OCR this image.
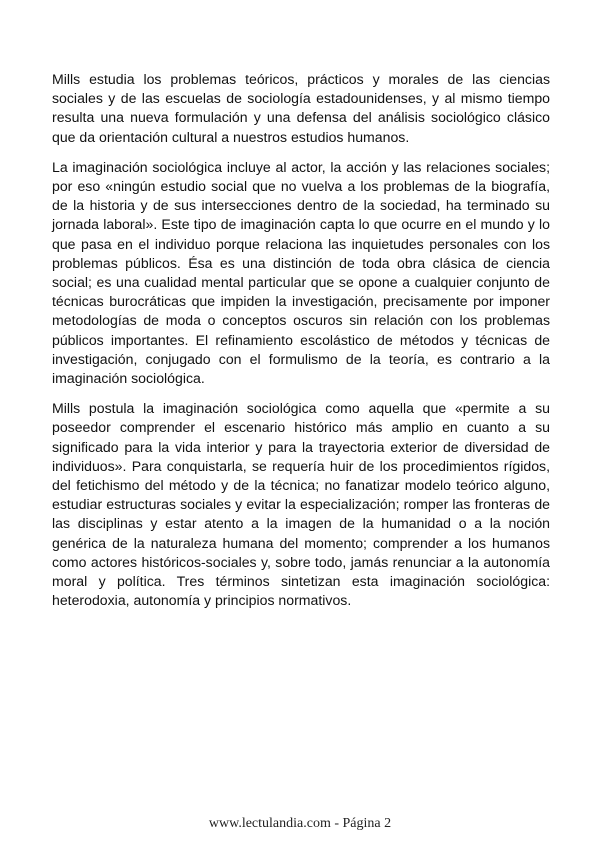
Mills estudia los problemas teóricos, prácticos y morales de las ciencias sociales y de las escuelas de sociología estadounidenses, y al mismo tiempo resulta una nueva formulación y una defensa del análisis sociológico clásico que da orientación cultural a nuestros estudios humanos.

La imaginación sociológica incluye al actor, la acción y las relaciones sociales; por eso «ningún estudio social que no vuelva a los problemas de la biografía, de la historia y de sus intersecciones dentro de la sociedad, ha terminado su jornada laboral». Este tipo de imaginación capta lo que ocurre en el mundo y lo que pasa en el individuo porque relaciona las inquietudes personales con los problemas públicos. Ésa es una distinción de toda obra clásica de ciencia social; es una cualidad mental particular que se opone a cualquier conjunto de técnicas burocráticas que impiden la investigación, precisamente por imponer metodologías de moda o conceptos oscuros sin relación con los problemas públicos importantes. El refinamiento escolástico de métodos y técnicas de investigación, conjugado con el formulismo de la teoría, es contrario a la imaginación sociológica.

Mills postula la imaginación sociológica como aquella que «permite a su poseedor comprender el escenario histórico más amplio en cuanto a su significado para la vida interior y para la trayectoria exterior de diversidad de individuos». Para conquistarla, se requería huir de los procedimientos rígidos, del fetichismo del método y de la técnica; no fanatizar modelo teórico alguno, estudiar estructuras sociales y evitar la especialización; romper las fronteras de las disciplinas y estar atento a la imagen de la humanidad o a la noción genérica de la naturaleza humana del momento; comprender a los humanos como actores históricos-sociales y, sobre todo, jamás renunciar a la autonomía moral y política. Tres términos sintetizan esta imaginación sociológica: heterodoxia, autonomía y principios normativos.

www.lectulandia.com - Página 2
